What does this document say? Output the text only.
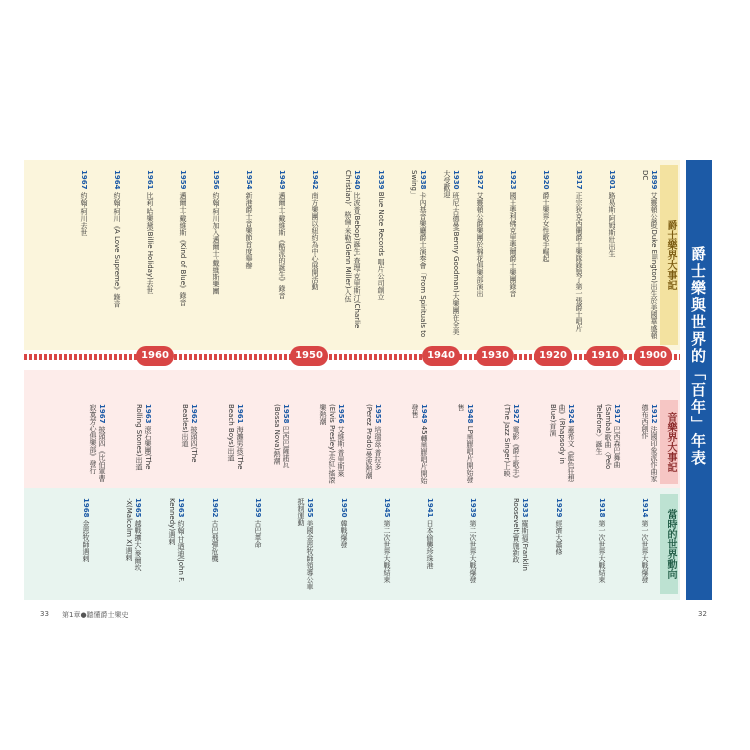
爵士樂與世界的「百年」年表
爵士樂界大事記
音樂界大事記
當時的世界動向
1900
1910
1920
1930
1940
1950
1960
1899 艾靈頓公爵(Duke Ellington)出生於美國華盛頓DC
1901 路易斯·阿姆斯壯出生
1917 正宗狄克西蘭爵士樂隊錄製了第一張爵士唱片
1920 爵士樂界女性歌手崛起
1923 國王奧利佛克里奧爾爵士樂團錄音
1927 艾靈頓公爵樂團於棉花俱樂部演出
1930 班尼·古德曼(Benny Goodman)大樂團在全美大受歡迎
1938 卡內基音樂廳爵士演奏會「From Spirituals to Swing」
1939 Blue Note Records 唱片公司創立
1940 比波普(Bebop)誕生,查理·克里斯汀(Charlie Christian)、格倫·米勒(Glenn Miller)入伍
1942 南方樂團以紐約為中心展開活動
1949 邁爾士·戴維斯《酷派的誕生》錄音
1954 新港爵士音樂節首度舉辦
1956 約翰·柯川加入邁爾士·戴維斯樂團
1959 邁爾士·戴維斯《Kind of Blue》錄音
1961 比莉·哈樂黛(Billie Holiday)去世
1964 約翰·柯川《A Love Supreme》錄音
1967 約翰·柯川去世
1912 法國印象派作曲家德布西創作
1917 巴西森巴舞曲(Samba)歌曲〈Pelo Telefone〉誕生
1924 蓋希文《藍色狂想曲》(Rhapsody in Blue)首演
1927 電影《爵士歌手》(The Jazz Singer)上映
1948 LP黑膠唱片開始發售
1949 45轉黑膠唱片開始發售
1955 培瑞茲·普拉多(Perez Prado)曼波熱潮
1956 艾維斯·普里斯萊(Elvis Presley)走紅,搖滾樂熱潮
1958 巴西巴薩諾瓦(Bossa Nova)熱潮
1961 海灘男孩(The Beach Boys)出道
1962 披頭四(The Beatles)出道
1963 滾石樂團(The Rolling Stones)出道
1967 披頭四《比伯軍曹寂寞芳心俱樂部》發行
1914 第一次世界大戰爆發
1918 第一次世界大戰結束
1929 經濟大蕭條
1933 羅斯福(Franklin Roosevelt)實施新政
1939 第二次世界大戰爆發
1941 日本偷襲珍珠港
1945 第二次世界大戰結束
1950 韓戰爆發
1955 美國金恩牧師領導公車抵制運動
1959 古巴革命
1962 古巴飛彈危機
1963 約翰·甘迺迪(John F. Kennedy)遇刺
1965 越戰擴大,麥爾坎·X(Malcolm X)遇刺
1968 金恩牧師遇刺
33 第1章●聽懂爵士樂史	32
